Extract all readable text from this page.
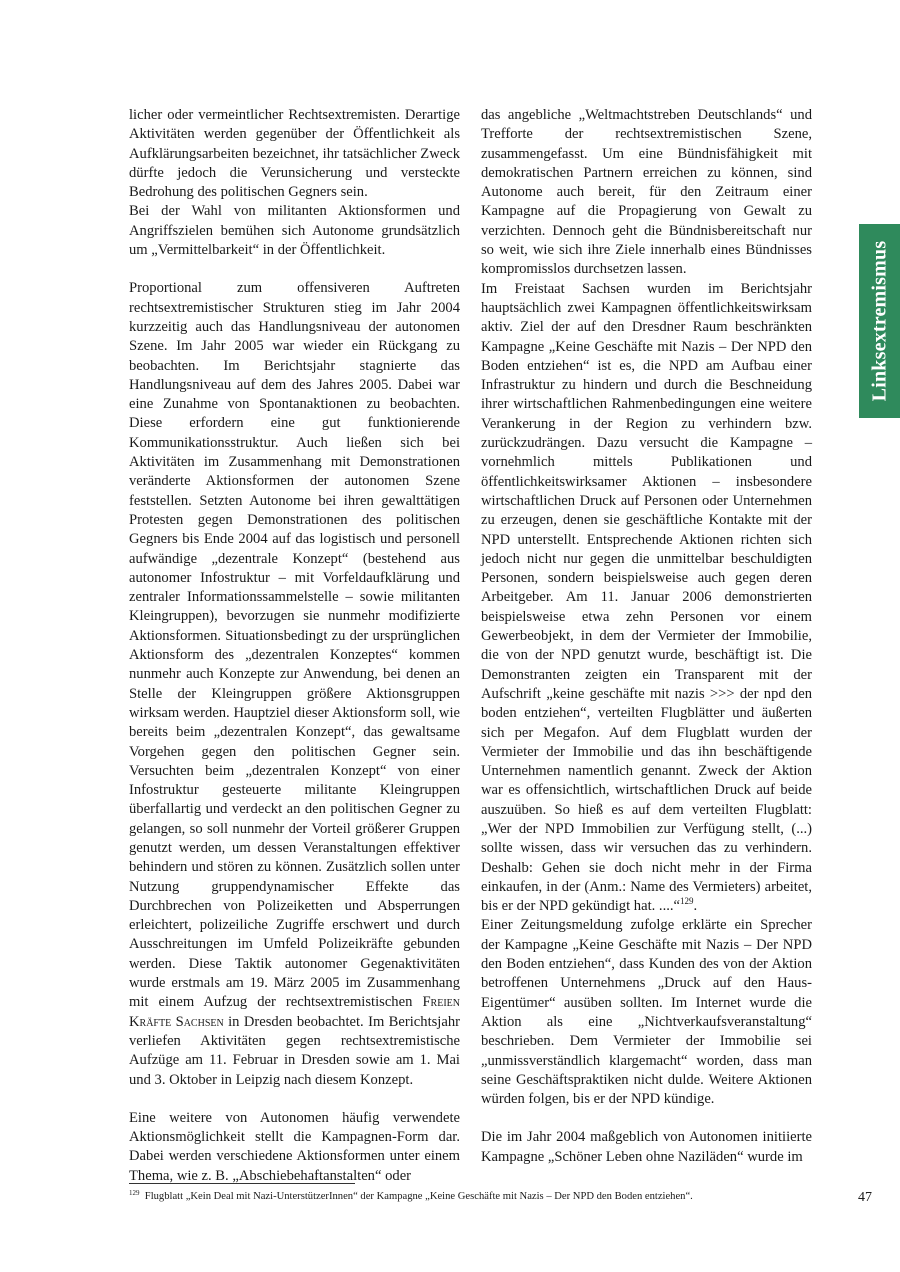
Linksextremismus

licher oder vermeintlicher Rechtsextremisten. Derartige Aktivitäten werden gegenüber der Öffentlichkeit als Aufklärungsarbeiten bezeichnet, ihr tatsächlicher Zweck dürfte jedoch die Verunsicherung und versteckte Bedrohung des politischen Gegners sein.

Bei der Wahl von militanten Aktionsformen und Angriffszielen bemühen sich Autonome grundsätzlich um „Vermittelbarkeit“ in der Öffentlichkeit.

Proportional zum offensiveren Auftreten rechtsextremistischer Strukturen stieg im Jahr 2004 kurzzeitig auch das Handlungsniveau der autonomen Szene. Im Jahr 2005 war wieder ein Rückgang zu beobachten. Im Berichtsjahr stagnierte das Handlungsniveau auf dem des Jahres 2005. Dabei war eine Zunahme von Spontanaktionen zu beobachten. Diese erfordern eine gut funktionierende Kommunikationsstruktur. Auch ließen sich bei Aktivitäten im Zusammenhang mit Demonstrationen veränderte Aktionsformen der autonomen Szene feststellen. Setzten Autonome bei ihren gewalttätigen Protesten gegen Demonstrationen des politischen Gegners bis Ende 2004 auf das logistisch und personell aufwändige „dezentrale Konzept“ (bestehend aus autonomer Infostruktur – mit Vorfeldaufklärung und zentraler Informationssammelstelle – sowie militanten Kleingruppen), bevorzugen sie nunmehr modifizierte Aktionsformen. Situationsbedingt zu der ursprünglichen Aktionsform des „dezentralen Konzeptes“ kommen nunmehr auch Konzepte zur Anwendung, bei denen an Stelle der Kleingruppen größere Aktionsgruppen wirksam werden. Hauptziel dieser Aktionsform soll, wie bereits beim „dezentralen Konzept“, das gewaltsame Vorgehen gegen den politischen Gegner sein. Versuchten beim „dezentralen Konzept“ von einer Infostruktur gesteuerte militante Kleingruppen überfallartig und verdeckt an den politischen Gegner zu gelangen, so soll nunmehr der Vorteil größerer Gruppen genutzt werden, um dessen Veranstaltungen effektiver behindern und stören zu können. Zusätzlich sollen unter Nutzung gruppendynamischer Effekte das Durchbrechen von Polizeiketten und Absperrungen erleichtert, polizeiliche Zugriffe erschwert und durch Ausschreitungen im Umfeld Polizeikräfte gebunden werden. Diese Taktik autonomer Gegenaktivitäten wurde erstmals am 19. März 2005 im Zusammenhang mit einem Aufzug der rechtsextremistischen Freien Kräfte Sachsen in Dresden beobachtet. Im Berichtsjahr verliefen Aktivitäten gegen rechtsextremistische Aufzüge am 11. Februar in Dresden sowie am 1. Mai und 3. Oktober in Leipzig nach diesem Konzept.

Eine weitere von Autonomen häufig verwendete Aktionsmöglichkeit stellt die Kampagnen-Form dar. Dabei werden verschiedene Aktionsformen unter einem Thema, wie z. B. „Abschiebehaftanstalten“ oder

das angebliche „Weltmachtstreben Deutschlands“ und Trefforte der rechtsextremistischen Szene, zusammengefasst. Um eine Bündnisfähigkeit mit demokratischen Partnern erreichen zu können, sind Autonome auch bereit, für den Zeitraum einer Kampagne auf die Propagierung von Gewalt zu verzichten. Dennoch geht die Bündnisbereitschaft nur so weit, wie sich ihre Ziele innerhalb eines Bündnisses kompromisslos durchsetzen lassen.

Im Freistaat Sachsen wurden im Berichtsjahr hauptsächlich zwei Kampagnen öffentlichkeitswirksam aktiv. Ziel der auf den Dresdner Raum beschränkten Kampagne „Keine Geschäfte mit Nazis – Der NPD den Boden entziehen“ ist es, die NPD am Aufbau einer Infrastruktur zu hindern und durch die Beschneidung ihrer wirtschaftlichen Rahmenbedingungen eine weitere Verankerung in der Region zu verhindern bzw. zurückzudrängen. Dazu versucht die Kampagne – vornehmlich mittels Publikationen und öffentlichkeitswirksamer Aktionen – insbesondere wirtschaftlichen Druck auf Personen oder Unternehmen zu erzeugen, denen sie geschäftliche Kontakte mit der NPD unterstellt. Entsprechende Aktionen richten sich jedoch nicht nur gegen die unmittelbar beschuldigten Personen, sondern beispielsweise auch gegen deren Arbeitgeber. Am 11. Januar 2006 demonstrierten beispielsweise etwa zehn Personen vor einem Gewerbeobjekt, in dem der Vermieter der Immobilie, die von der NPD genutzt wurde, beschäftigt ist. Die Demonstranten zeigten ein Transparent mit der Aufschrift „keine geschäfte mit nazis >>> der npd den boden entziehen“, verteilten Flugblätter und äußerten sich per Megafon. Auf dem Flugblatt wurden der Vermieter der Immobilie und das ihn beschäftigende Unternehmen namentlich genannt. Zweck der Aktion war es offensichtlich, wirtschaftlichen Druck auf beide auszuüben. So hieß es auf dem verteilten Flugblatt: „Wer der NPD Immobilien zur Verfügung stellt, (...) sollte wissen, dass wir versuchen das zu verhindern. Deshalb: Gehen sie doch nicht mehr in der Firma einkaufen, in der (Anm.: Name des Vermieters) arbeitet, bis er der NPD gekündigt hat. ....“$^{129}$.

Einer Zeitungsmeldung zufolge erklärte ein Sprecher der Kampagne „Keine Geschäfte mit Nazis – Der NPD den Boden entziehen“, dass Kunden des von der Aktion betroffenen Unternehmens „Druck auf den Haus-Eigentümer“ ausüben sollten. Im Internet wurde die Aktion als eine „Nichtverkaufsveranstaltung“ beschrieben. Dem Vermieter der Immobilie sei „unmissverständlich klargemacht“ worden, dass man seine Geschäftspraktiken nicht dulde. Weitere Aktionen würden folgen, bis er der NPD kündige.

Die im Jahr 2004 maßgeblich von Autonomen initiierte Kampagne „Schöner Leben ohne Naziläden“ wurde im

$^{129}$ Flugblatt „Kein Deal mit Nazi-UnterstützerInnen“ der Kampagne „Keine Geschäfte mit Nazis – Der NPD den Boden entziehen“.	47
